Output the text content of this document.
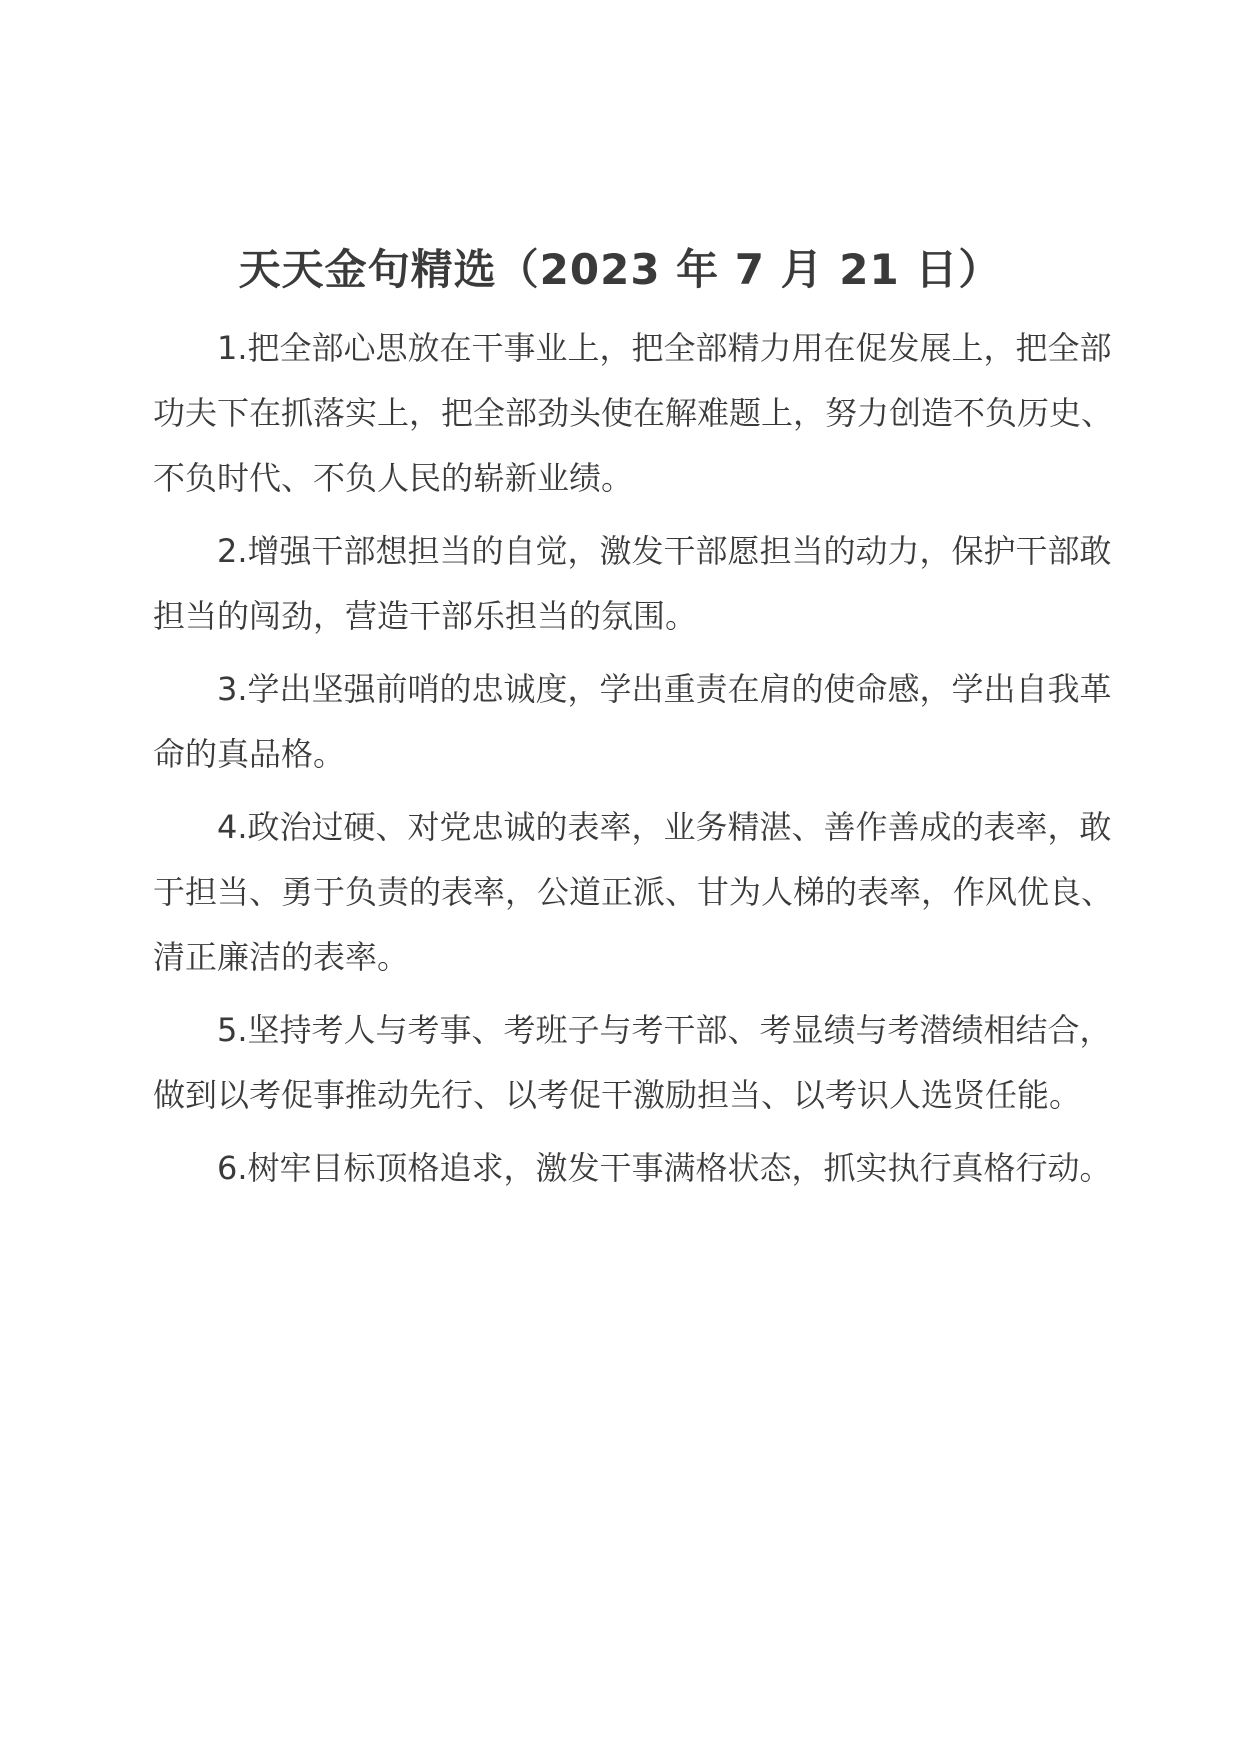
天天金句精选（2023 年 7 月 21 日）

1.把全部心思放在干事业上，把全部精力用在促发展上，把全部功夫下在抓落实上，把全部劲头使在解难题上，努力创造不负历史、不负时代、不负人民的崭新业绩。

2.增强干部想担当的自觉，激发干部愿担当的动力，保护干部敢担当的闯劲，营造干部乐担当的氛围。

3.学出坚强前哨的忠诚度，学出重责在肩的使命感，学出自我革命的真品格。

4.政治过硬、对党忠诚的表率，业务精湛、善作善成的表率，敢于担当、勇于负责的表率，公道正派、甘为人梯的表率，作风优良、清正廉洁的表率。

5.坚持考人与考事、考班子与考干部、考显绩与考潜绩相结合，做到以考促事推动先行、以考促干激励担当、以考识人选贤任能。

6.树牢目标顶格追求，激发干事满格状态，抓实执行真格行动。
